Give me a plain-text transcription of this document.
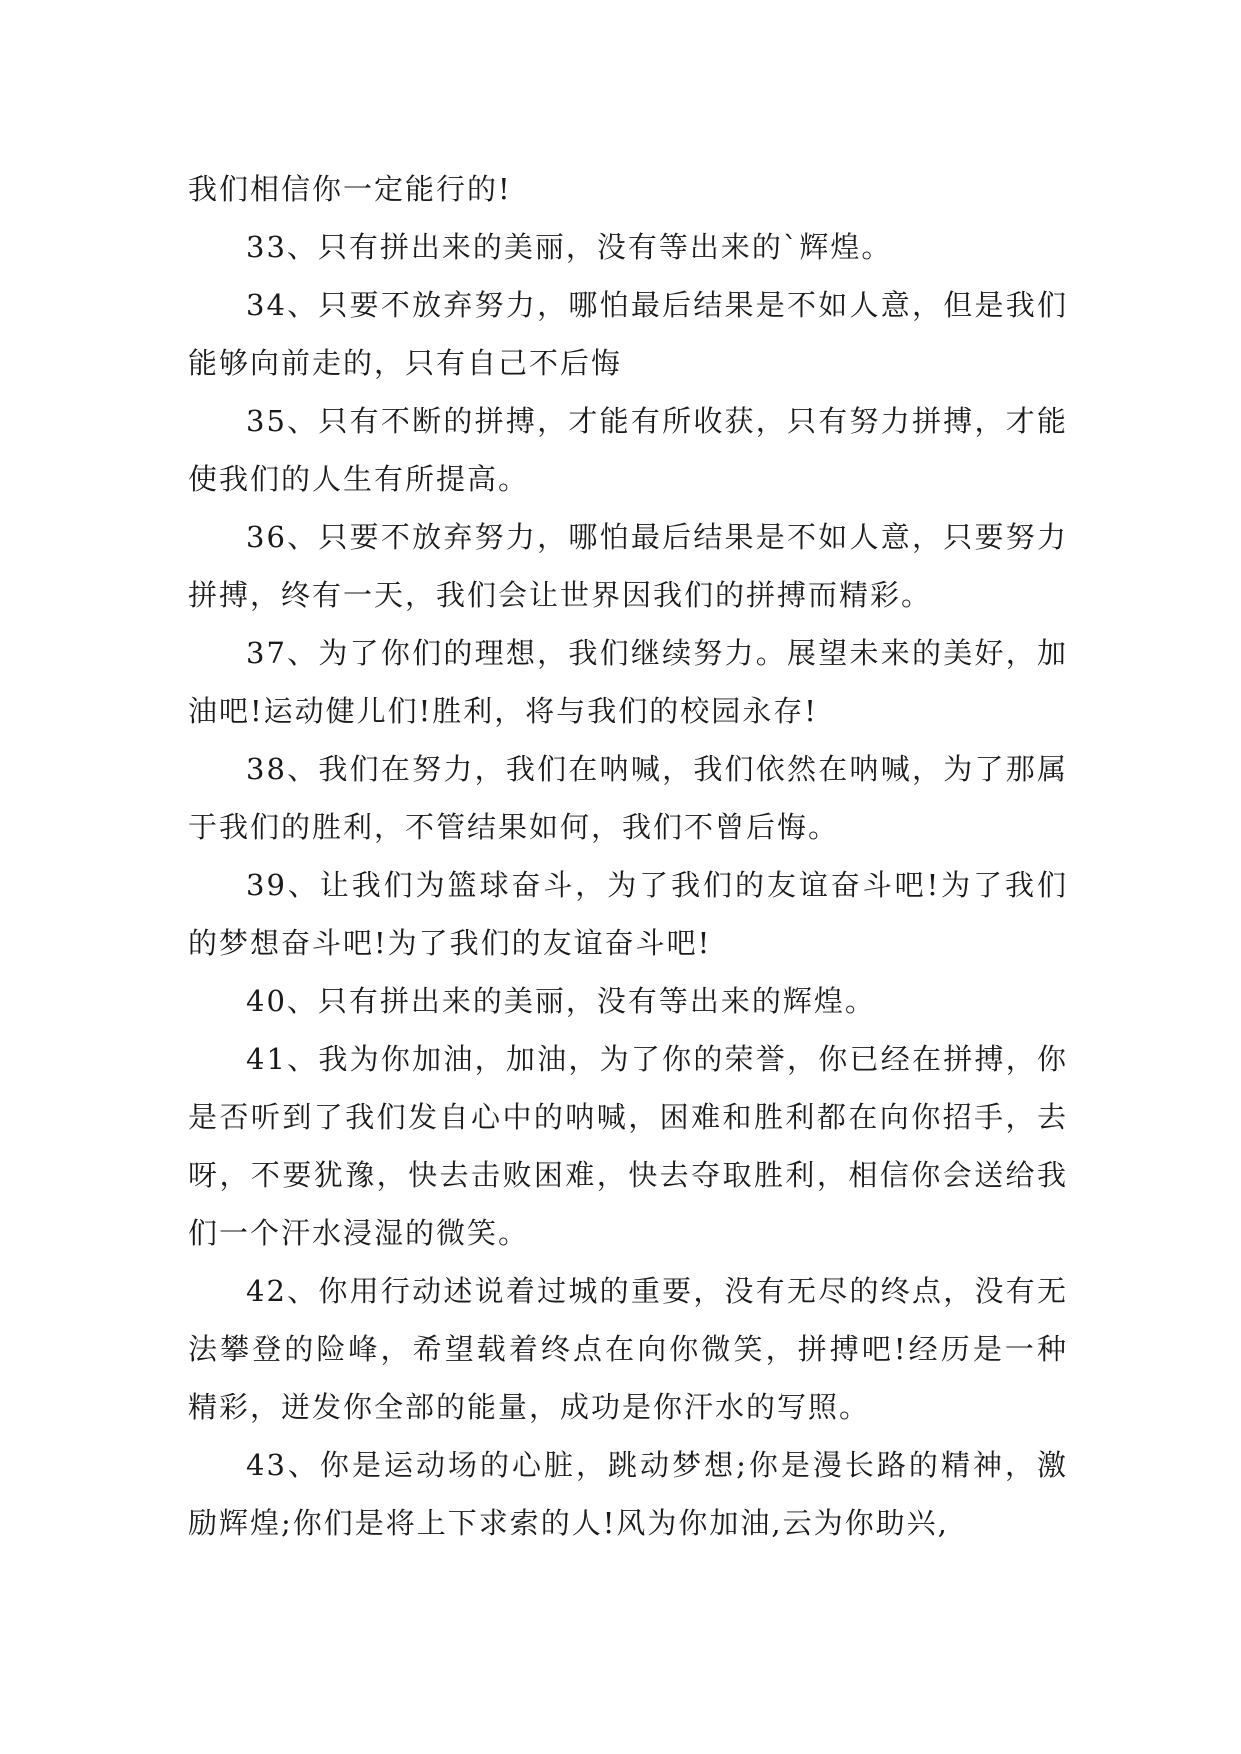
我们相信你一定能行的!

33、只有拼出来的美丽，没有等出来的`辉煌。

34、只要不放弃努力，哪怕最后结果是不如人意，但是我们能够向前走的，只有自己不后悔

35、只有不断的拼搏，才能有所收获，只有努力拼搏，才能使我们的人生有所提高。

36、只要不放弃努力，哪怕最后结果是不如人意，只要努力拼搏，终有一天，我们会让世界因我们的拼搏而精彩。

37、为了你们的理想，我们继续努力。展望未来的美好，加油吧!运动健儿们!胜利，将与我们的校园永存!

38、我们在努力，我们在呐喊，我们依然在呐喊，为了那属于我们的胜利，不管结果如何，我们不曾后悔。

39、让我们为篮球奋斗，为了我们的友谊奋斗吧!为了我们的梦想奋斗吧!为了我们的友谊奋斗吧!

40、只有拼出来的美丽，没有等出来的辉煌。

41、我为你加油，加油，为了你的荣誉，你已经在拼搏，你是否听到了我们发自心中的呐喊，困难和胜利都在向你招手，去呀，不要犹豫，快去击败困难，快去夺取胜利，相信你会送给我们一个汗水浸湿的微笑。

42、你用行动述说着过城的重要，没有无尽的终点，没有无法攀登的险峰，希望载着终点在向你微笑，拼搏吧!经历是一种精彩，迸发你全部的能量，成功是你汗水的写照。

43、你是运动场的心脏，跳动梦想;你是漫长路的精神，激励辉煌;你们是将上下求索的人!风为你加油,云为你助兴,
